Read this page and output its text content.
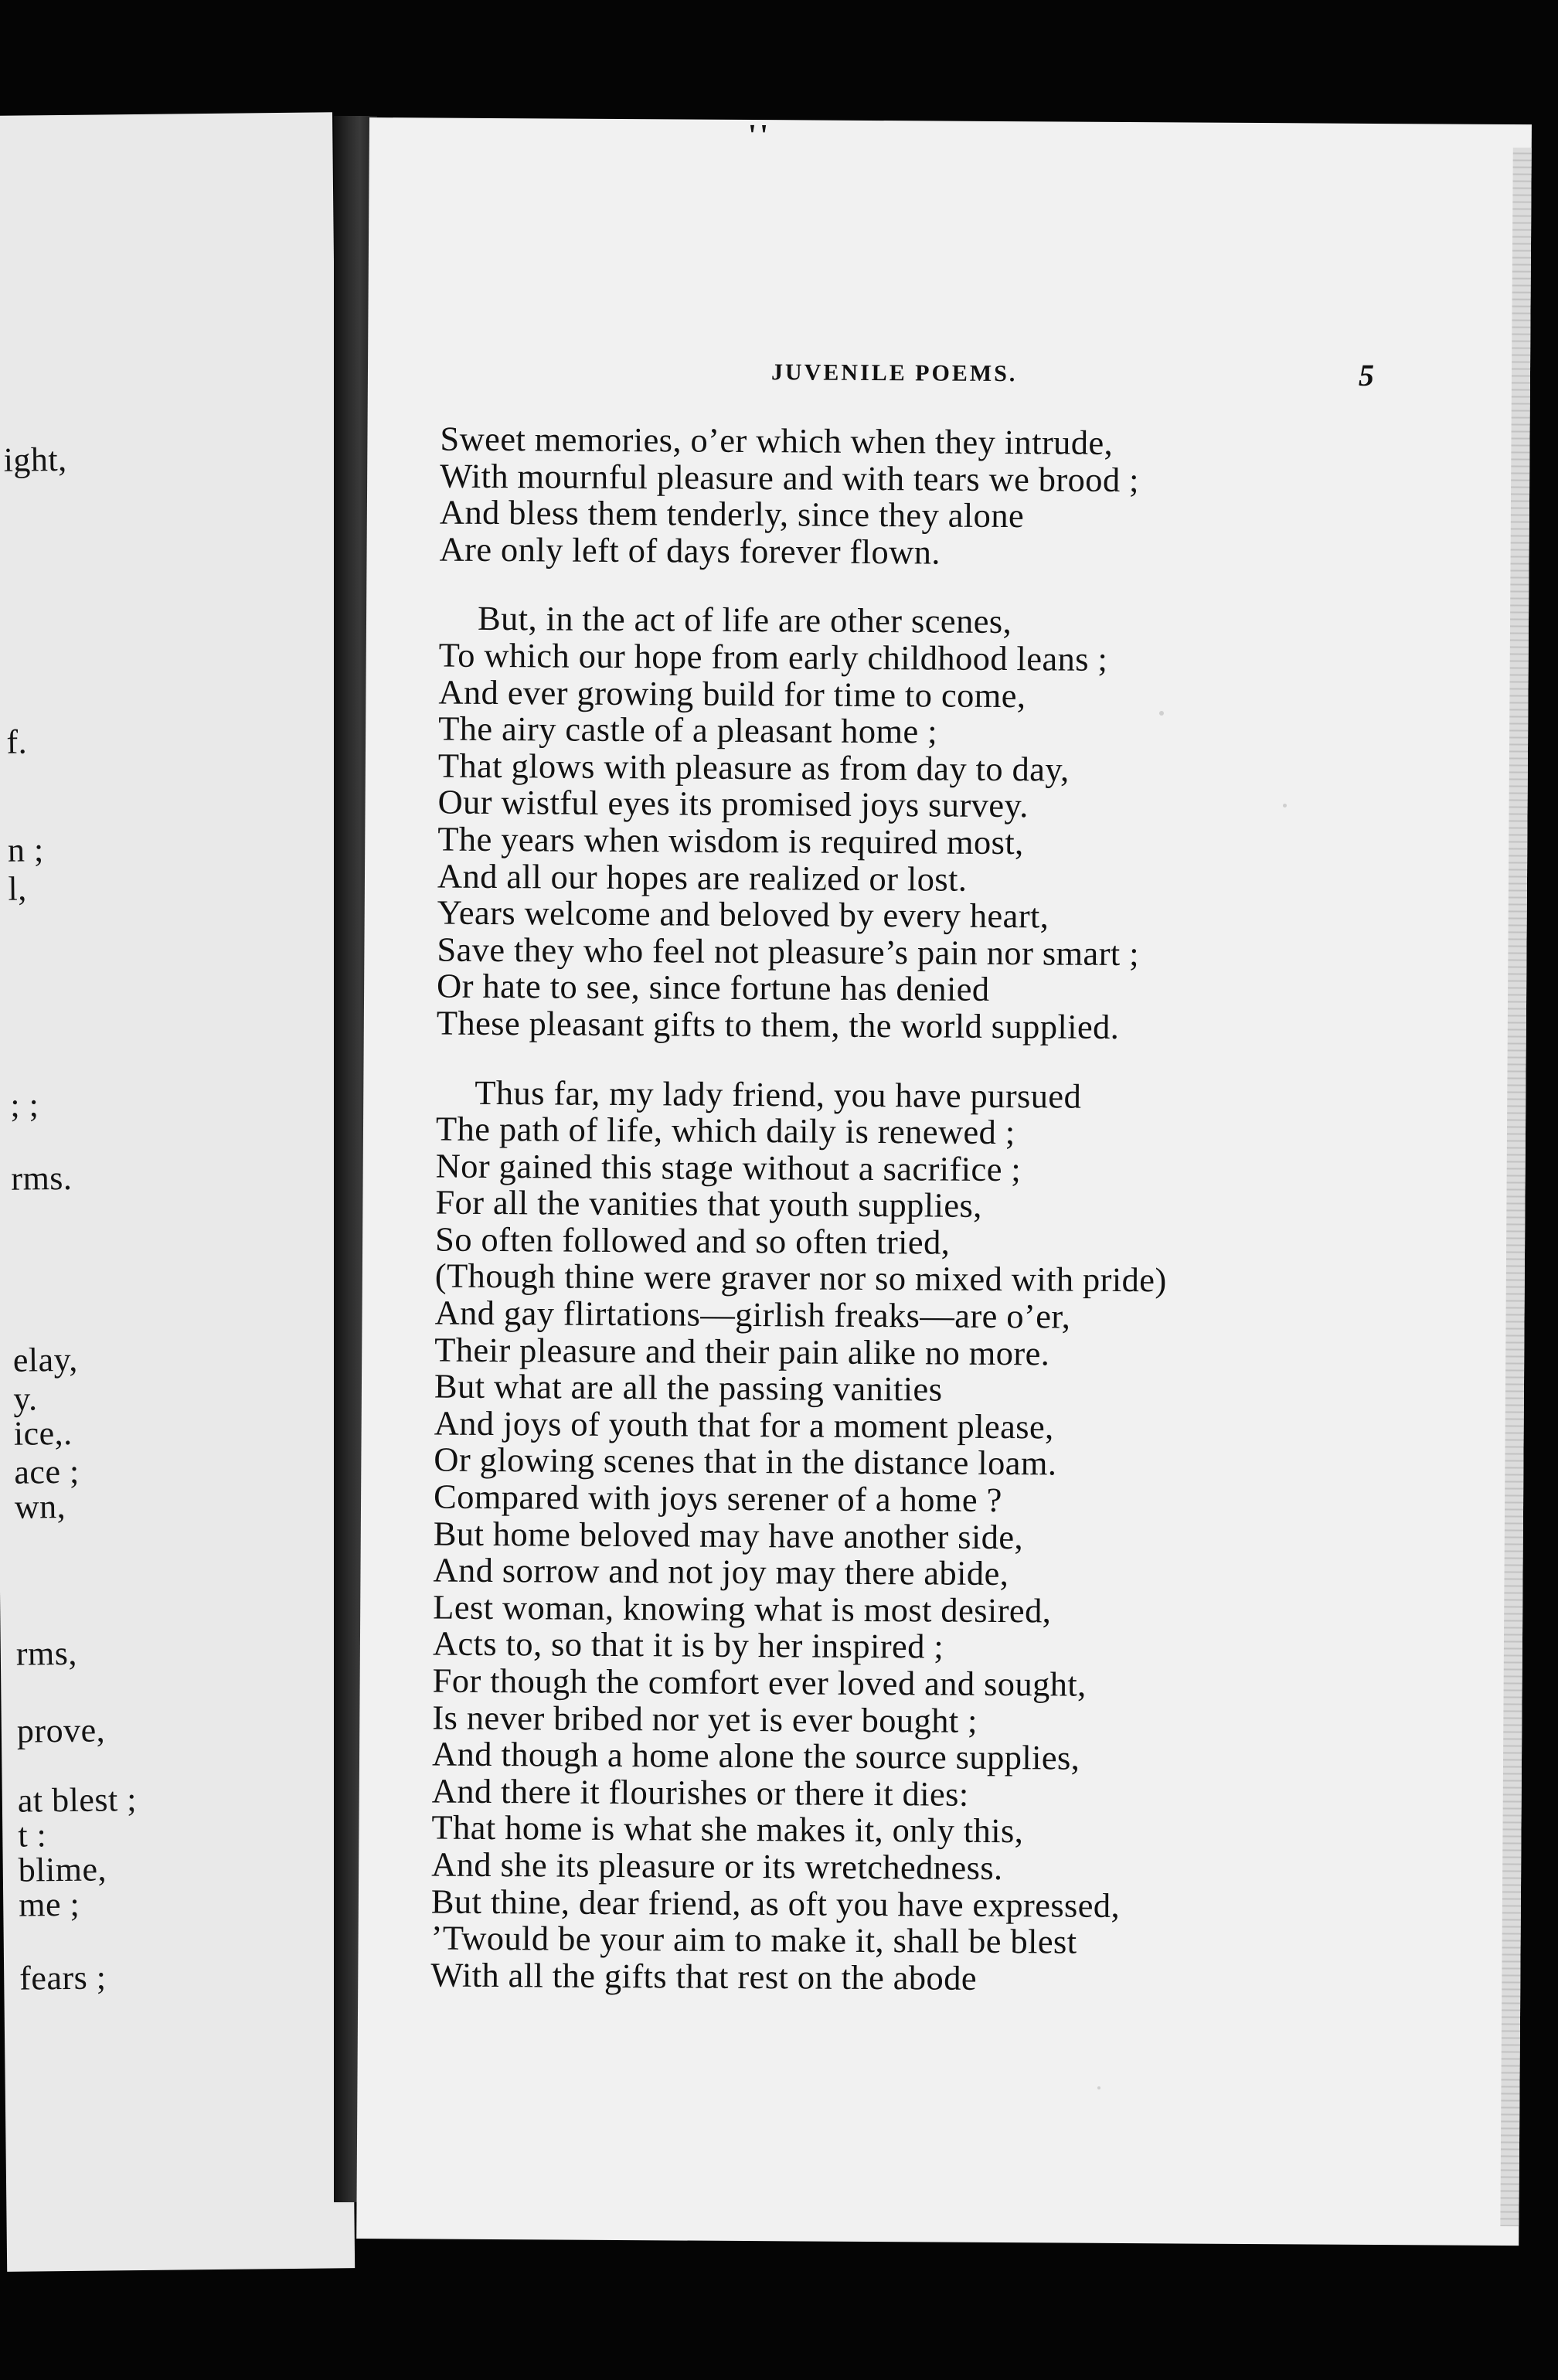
ight,
f.
n ;
l,
; ;
rms.
elay,
y.
ice,.
ace ;
wn,
rms,
prove,
at blest ;
t :
blime,
me ;
fears ;
''
JUVENILE POEMS.	5
Sweet memories, o’er which when they intrude,
With mournful pleasure and with tears we brood ;
And bless them tenderly, since they alone
Are only left of days forever flown.
But, in the act of life are other scenes,
To which our hope from early childhood leans ;
And ever growing build for time to come,
The airy castle of a pleasant home ;
That glows with pleasure as from day to day,
Our wistful eyes its promised joys survey.
The years when wisdom is required most,
And all our hopes are realized or lost.
Years welcome and beloved by every heart,
Save they who feel not pleasure’s pain nor smart ;
Or hate to see, since fortune has denied
These pleasant gifts to them, the world supplied.
Thus far, my lady friend, you have pursued
The path of life, which daily is renewed ;
Nor gained this stage without a sacrifice ;
For all the vanities that youth supplies,
So often followed and so often tried,
(Though thine were graver nor so mixed with pride)
And gay flirtations—girlish freaks—are o’er,
Their pleasure and their pain alike no more.
But what are all the passing vanities
And joys of youth that for a moment please,
Or glowing scenes that in the distance loam.
Compared with joys serener of a home ?
But home beloved may have another side,
And sorrow and not joy may there abide,
Lest woman, knowing what is most desired,
Acts to, so that it is by her inspired ;
For though the comfort ever loved and sought,
Is never bribed nor yet is ever bought ;
And though a home alone the source supplies,
And there it flourishes or there it dies:
That home is what she makes it, only this,
And she its pleasure or its wretchedness.
But thine, dear friend, as oft you have expressed,
’Twould be your aim to make it, shall be blest
With all the gifts that rest on the abode
